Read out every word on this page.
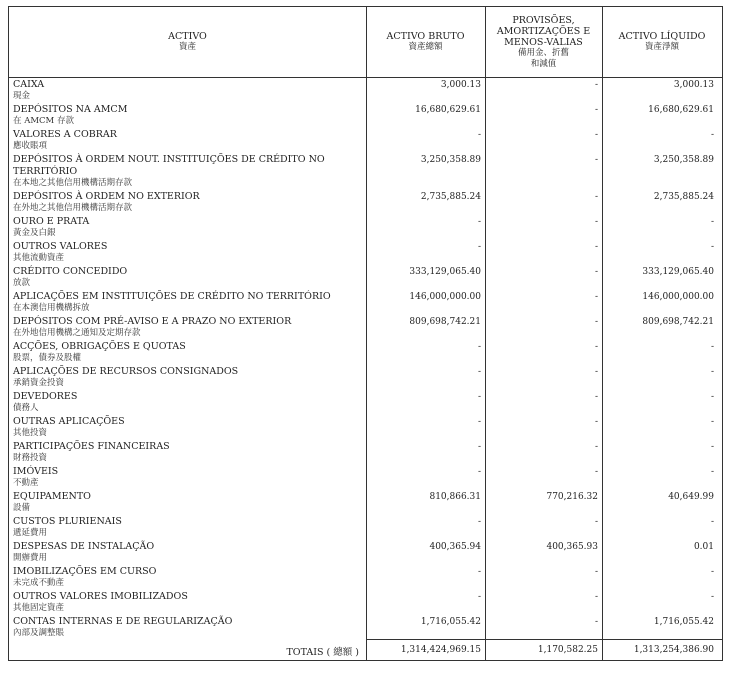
ACTIVO
資產
ACTIVO BRUTO
資產總額
PROVISÕES,
AMORTIZAÇÕES E
MENOS-VALIAS
備用金、折舊
和減值
ACTIVO LÍQUIDO
資產淨額
CAIXA
現金
3,000.13	-	3,000.13
DEPÓSITOS NA AMCM
在 AMCM 存款
16,680,629.61	-	16,680,629.61
VALORES A COBRAR
應收賬項
-	-	-
DEPÓSITOS À ORDEM NOUT. INSTITUIÇÕES DE CRÉDITO NO TERRITÓRIO
在本地之其他信用機構活期存款
3,250,358.89	-	3,250,358.89
DEPÓSITOS À ORDEM NO EXTERIOR
在外地之其他信用機構活期存款
2,735,885.24	-	2,735,885.24
OURO E PRATA
黃金及白銀
-	-	-
OUTROS VALORES
其他流動資產
-	-	-
CRÉDITO CONCEDIDO
放款
333,129,065.40	-	333,129,065.40
APLICAÇÕES EM INSTITUIÇÕES DE CRÉDITO NO TERRITÓRIO
在本澳信用機構拆放
146,000,000.00	-	146,000,000.00
DEPÓSITOS COM PRÉ-AVISO E A PRAZO NO EXTERIOR
在外地信用機構之通知及定期存款
809,698,742.21	-	809,698,742.21
ACÇÕES, OBRIGAÇÕES E QUOTAS
股票，債券及股權
-	-	-
APLICAÇÕES DE RECURSOS CONSIGNADOS
承銷資金投資
-	-	-
DEVEDORES
債務人
-	-	-
OUTRAS APLICAÇÕES
其他投資
-	-	-
PARTICIPAÇÕES FINANCEIRAS
財務投資
-	-	-
IMÓVEIS
不動產
-	-	-
EQUIPAMENTO
設備
810,866.31	770,216.32	40,649.99
CUSTOS PLURIENAIS
遞延費用
-	-	-
DESPESAS DE INSTALAÇÃO
開辦費用
400,365.94	400,365.93	0.01
IMOBILIZAÇÕES EM CURSO
未完成不動產
-	-	-
OUTROS VALORES IMOBILIZADOS
其他固定資產
-	-	-
CONTAS INTERNAS E DE REGULARIZAÇÃO
內部及調整賬
1,716,055.42	-	1,716,055.42
TOTAIS ( 總額 )	1,314,424,969.15	1,170,582.25	1,313,254,386.90
